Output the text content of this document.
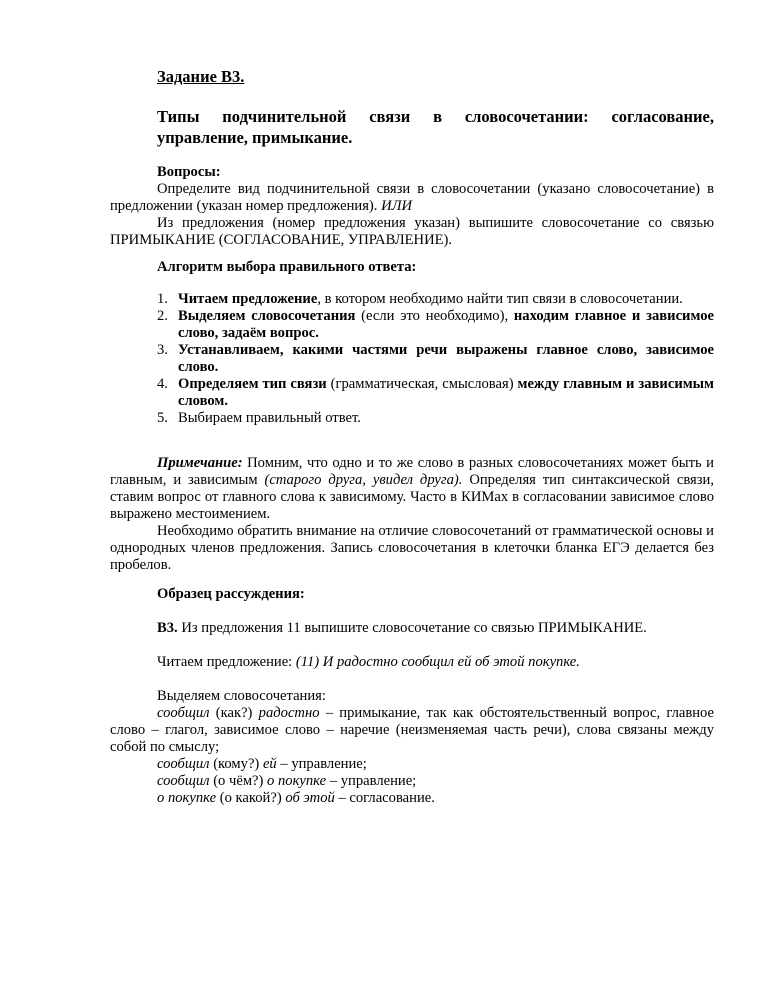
Задание В3.
Типы подчинительной связи в словосочетании: согласование, управление, примыкание.
Вопросы:
Определите вид подчинительной связи в словосочетании (указано словосочетание) в предложении (указан номер предложения). ИЛИ
Из предложения (номер предложения указан) выпишите словосочетание со связью ПРИМЫКАНИЕ (СОГЛАСОВАНИЕ, УПРАВЛЕНИЕ).
Алгоритм выбора правильного ответа:
1. Читаем предложение, в котором необходимо найти тип связи в словосочетании.
2. Выделяем словосочетания (если это необходимо), находим главное и зависимое слово, задаём вопрос.
3. Устанавливаем, какими частями речи выражены главное слово, зависимое слово.
4. Определяем тип связи (грамматическая, смысловая) между главным и зависимым словом.
5. Выбираем правильный ответ.
Примечание: Помним, что одно и то же слово в разных словосочетаниях может быть и главным, и зависимым (старого друга, увидел друга). Определяя тип синтаксической связи, ставим вопрос от главного слова к зависимому. Часто в КИМах в согласовании зависимое слово выражено местоимением.
Необходимо обратить внимание на отличие словосочетаний от грамматической основы и однородных членов предложения. Запись словосочетания в клеточки бланка ЕГЭ делается без пробелов.
Образец рассуждения:
В3. Из предложения 11 выпишите словосочетание со связью ПРИМЫКАНИЕ.
Читаем предложение: (11) И радостно сообщил ей об этой покупке.
Выделяем словосочетания:
сообщил (как?) радостно – примыкание, так как обстоятельственный вопрос, главное слово – глагол, зависимое слово – наречие (неизменяемая часть речи), слова связаны между собой по смыслу;
сообщил (кому?) ей – управление;
сообщил (о чём?) о покупке – управление;
о покупке (о какой?) об этой – согласование.
